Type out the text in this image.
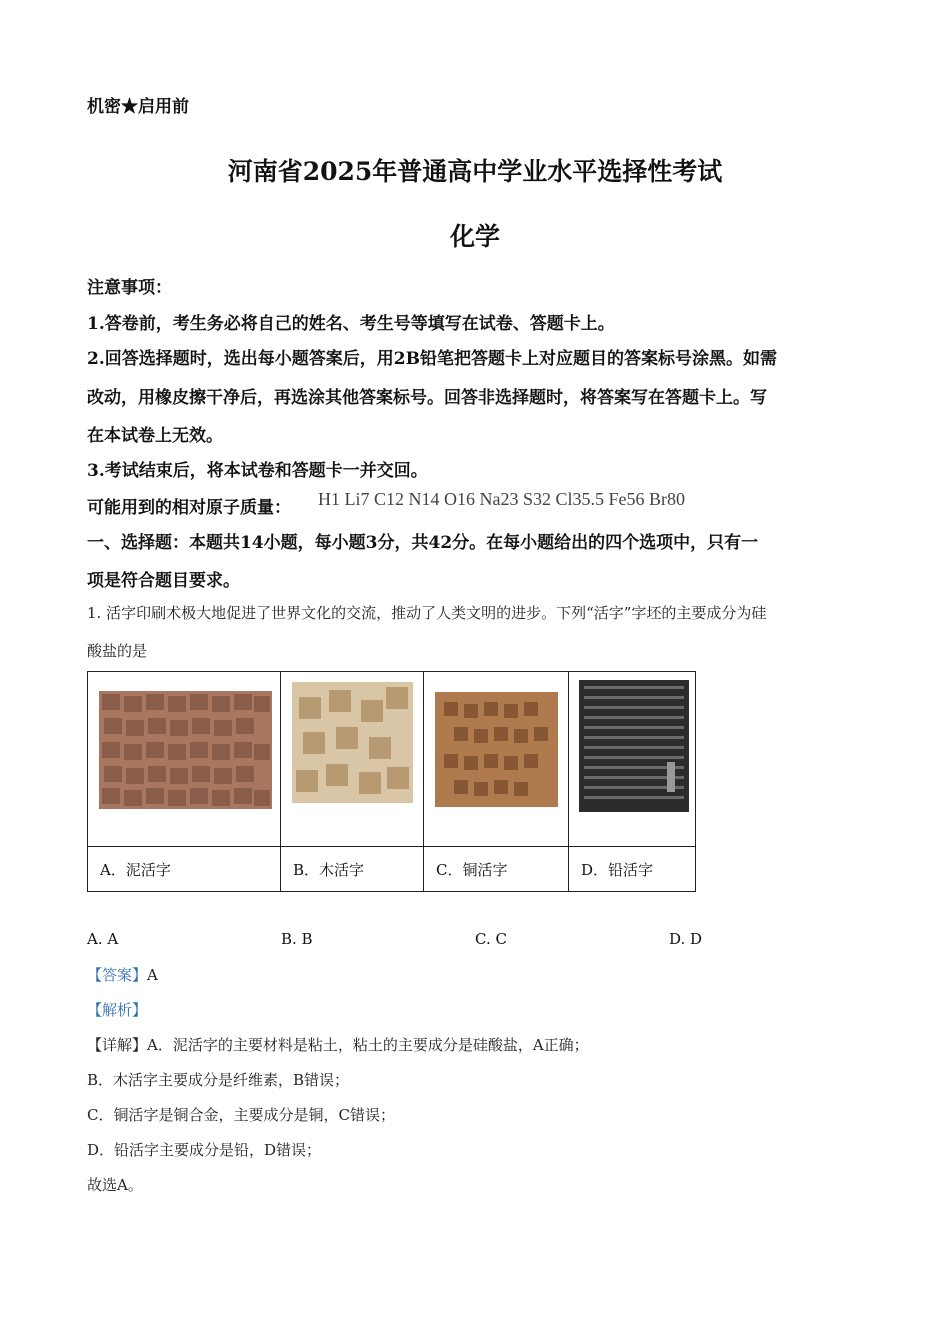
机密★启用前
河南省2025年普通高中学业水平选择性考试
化学
注意事项：
1.答卷前，考生务必将自己的姓名、考生号等填写在试卷、答题卡上。
2.回答选择题时，选出每小题答案后，用2B铅笔把答题卡上对应题目的答案标号涂黑。如需
改动，用橡皮擦干净后，再选涂其他答案标号。回答非选择题时，将答案写在答题卡上。写
在本试卷上无效。
3.考试结束后，将本试卷和答题卡一并交回。
可能用到的相对原子质量： H1 Li7 C12 N14 O16 Na23 S32 Cl35.5 Fe56 Br80
一、选择题：本题共14小题，每小题3分，共42分。在每小题给出的四个选项中，只有一
项是符合题目要求。
1. 活字印刷术极大地促进了世界文化的交流，推动了人类文明的进步。下列“活字”字坯的主要成分为硅
酸盐的是

A．泥活字	B．木活字	C．铜活字	D．铅活字
A. A	B. B	C. C	D. D
【答案】A
【解析】
【详解】A．泥活字的主要材料是粘土，粘土的主要成分是硅酸盐，A正确；
B．木活字主要成分是纤维素，B错误；
C．铜活字是铜合金，主要成分是铜，C错误；
D．铅活字主要成分是铅，D错误；
故选A。
